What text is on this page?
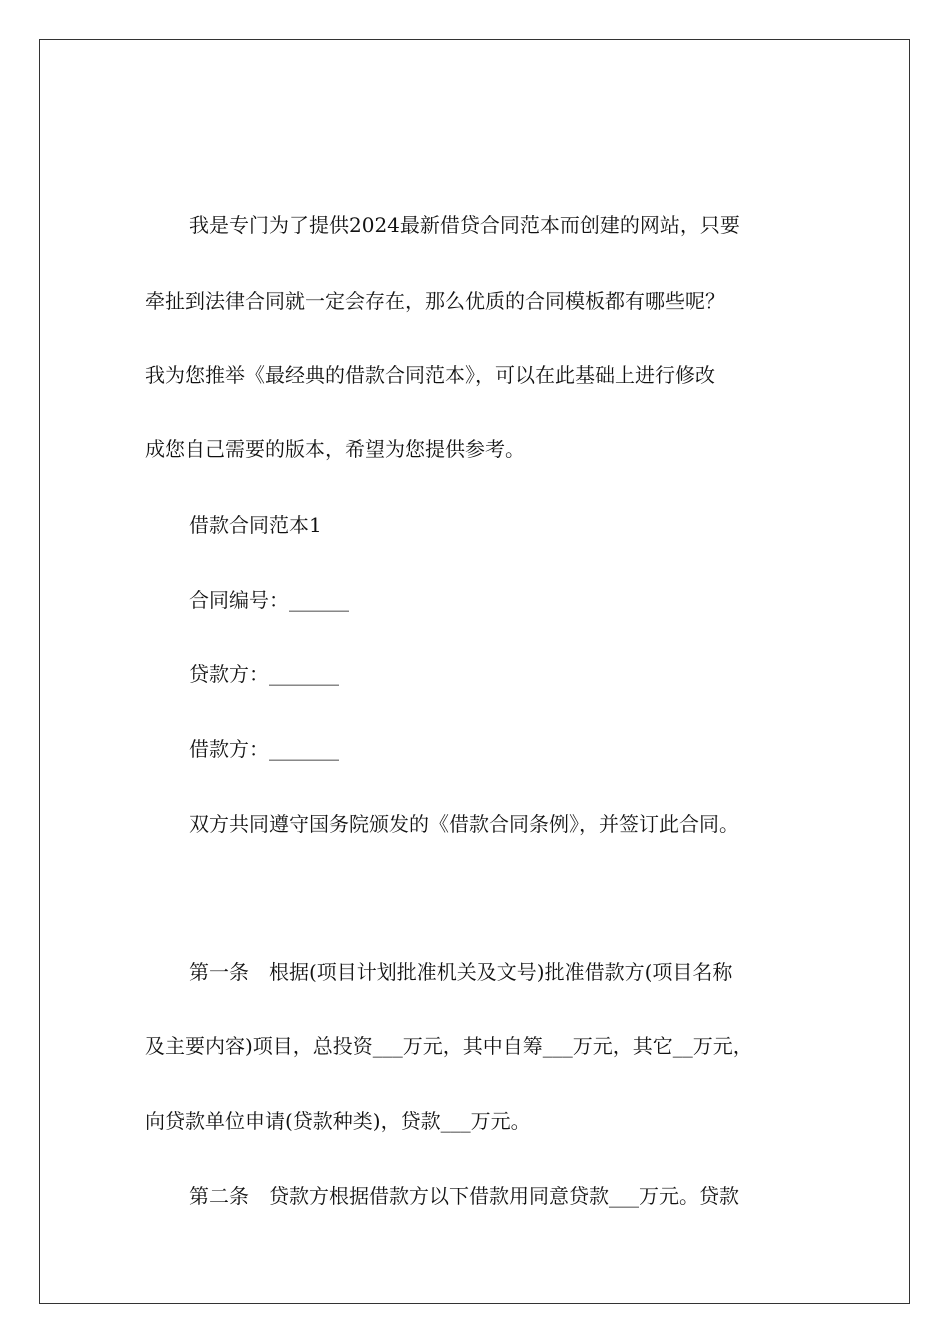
我是专门为了提供2024最新借贷合同范本而创建的网站，只要
牵扯到法律合同就一定会存在，那么优质的合同模板都有哪些呢？
我为您推举《最经典的借款合同范本》，可以在此基础上进行修改
成您自己需要的版本，希望为您提供参考。
借款合同范本1
合同编号：______
贷款方：_______
借款方：_______
双方共同遵守国务院颁发的《借款合同条例》，并签订此合同。
第一条　根据(项目计划批准机关及文号)批准借款方(项目名称
及主要内容)项目，总投资___万元，其中自筹___万元，其它__万元，
向贷款单位申请(贷款种类)，贷款___万元。
第二条　贷款方根据借款方以下借款用同意贷款___万元。贷款
